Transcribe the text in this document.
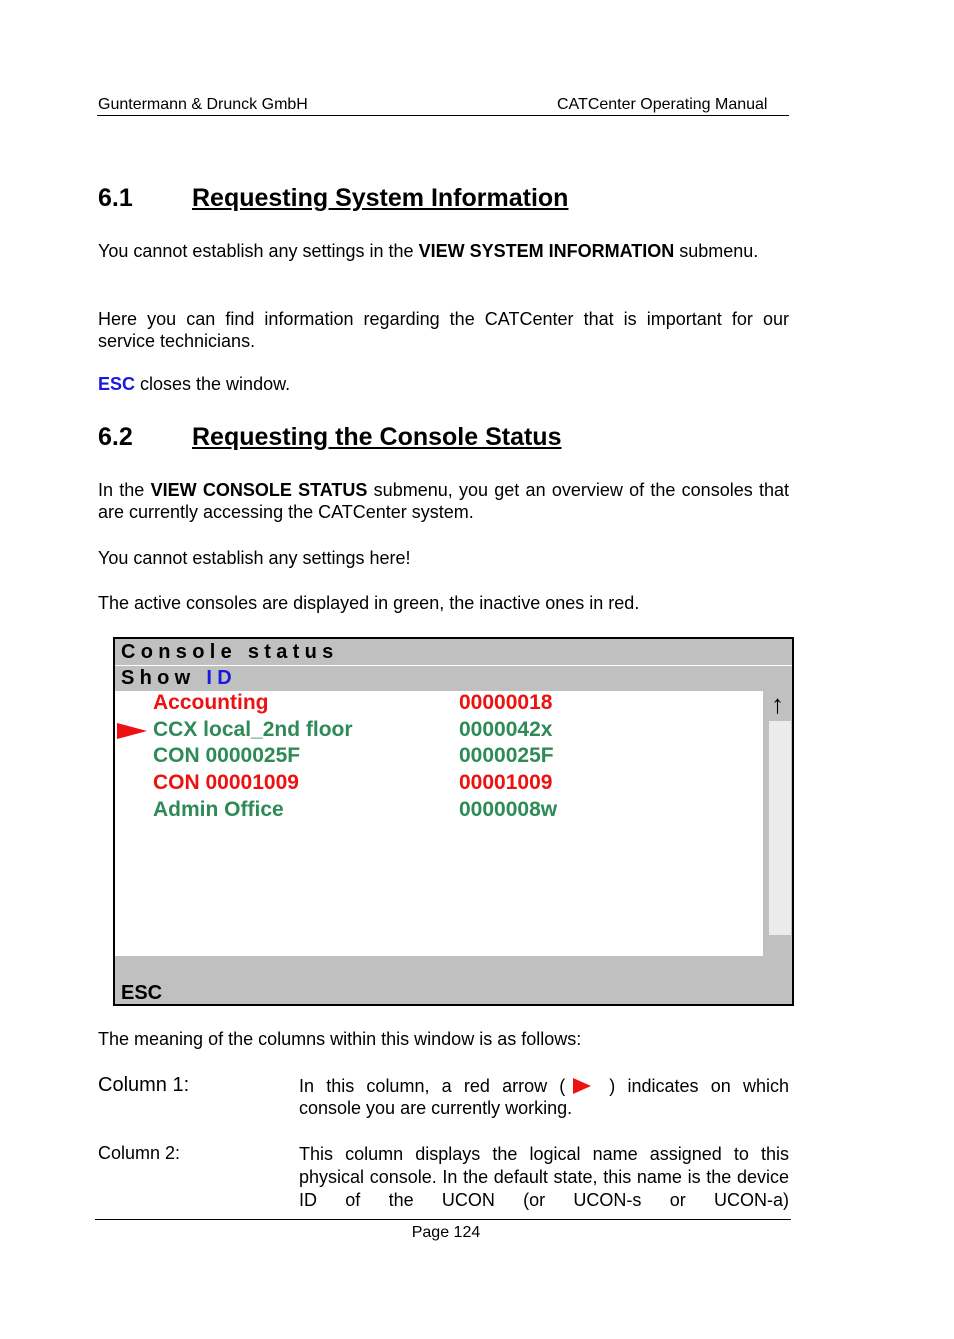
Guntermann & Drunck GmbH	CATCenter Operating Manual
6.1 Requesting System Information
You cannot establish any settings in the VIEW SYSTEM INFORMATION submenu.
Here you can find information regarding the CATCenter that is important for our service technicians.
ESC closes the window.
6.2 Requesting the Console Status
In the VIEW CONSOLE STATUS submenu, you get an overview of the consoles that are currently accessing the CATCenter system.
You cannot establish any settings here!
The active consoles are displayed in green, the inactive ones in red.
Console status
Show ID
Accounting	00000018
CCX local_2nd floor	0000042x
CON 0000025F	0000025F
CON 00001009	00001009
Admin Office	0000008w
↑
ESC
The meaning of the columns within this window is as follows:
Column 1:	In this column, a red arrow ( ) indicates on which console you are currently working.
Column 2:	This column displays the logical name assigned to this physical console. In the default state, this name is the device ID of the UCON (or UCON-s or UCON-a)
Page 124
